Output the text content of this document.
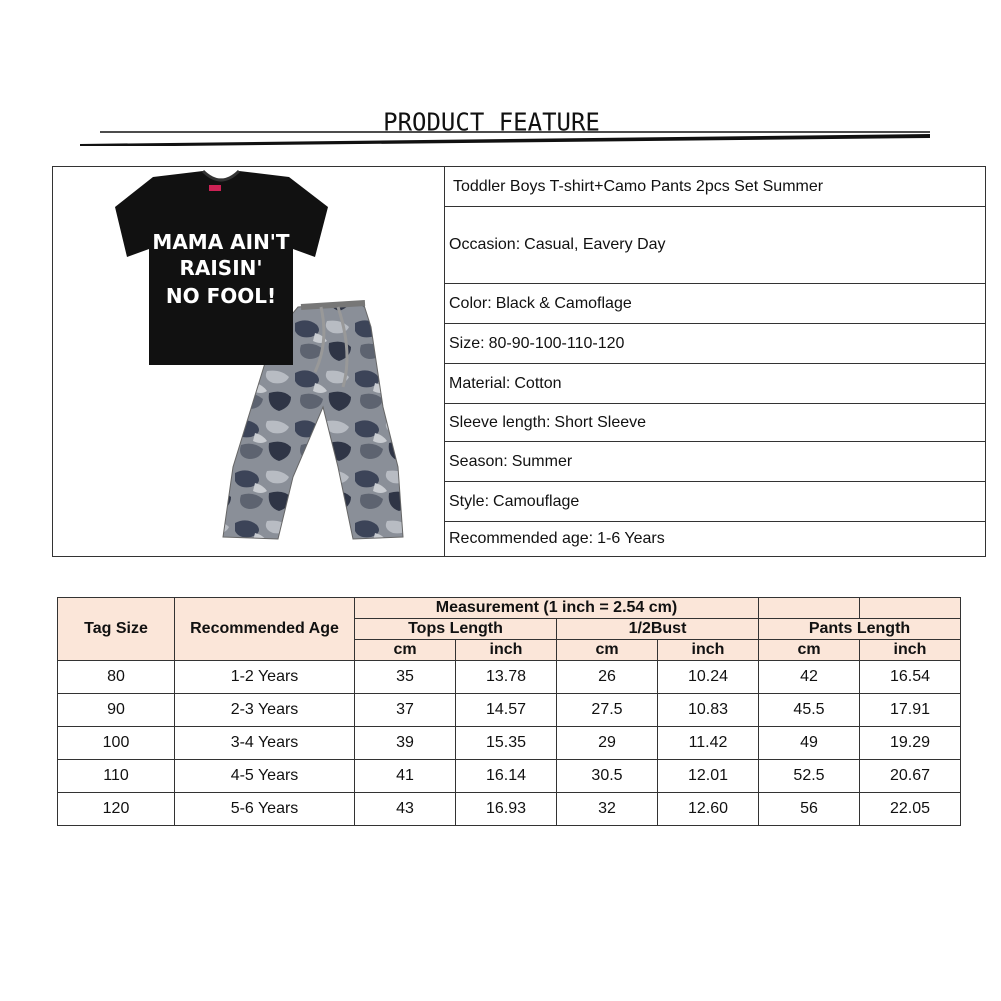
PRODUCT FEATURE
MAMA AIN'T
RAISIN'
NO FOOL!
Toddler Boys T-shirt+Camo Pants 2pcs Set Summer
Occasion: Casual, Eavery Day
Color: Black & Camoflage
Size: 80-90-100-110-120
Material: Cotton
Sleeve length: Short Sleeve
Season: Summer
Style: Camouflage
Recommended age: 1-6 Years
Tag Size	Recommended Age	Measurement (1 inch = 2.54 cm)					
		Tops Length		1/2Bust		Pants Length	
		cm	inch	cm	inch	cm	inch
80	1-2 Years	35	13.78	26	10.24	42	16.54
90	2-3 Years	37	14.57	27.5	10.83	45.5	17.91
100	3-4 Years	39	15.35	29	11.42	49	19.29
110	4-5 Years	41	16.14	30.5	12.01	52.5	20.67
120	5-6 Years	43	16.93	32	12.60	56	22.05
